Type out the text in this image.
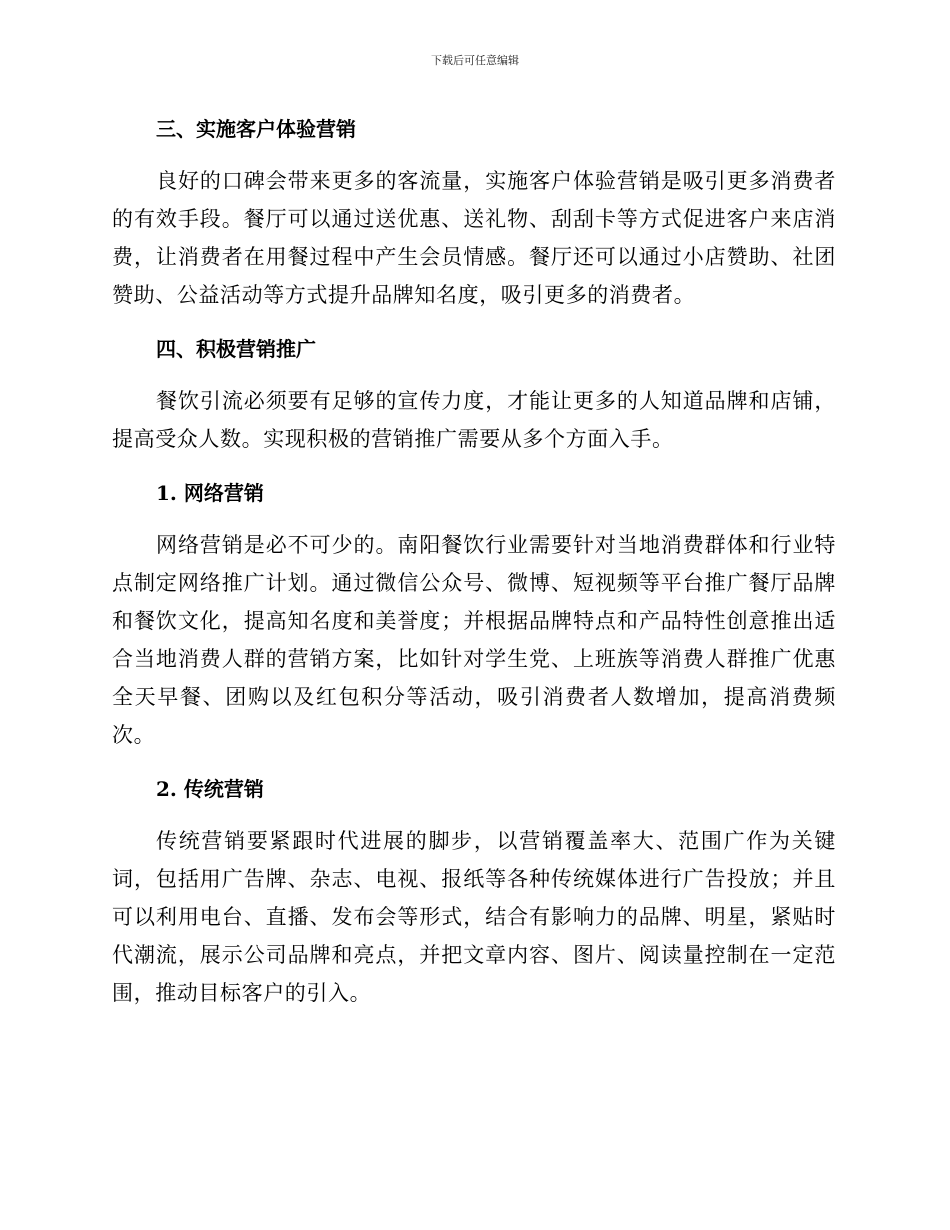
下载后可任意编辑
三、实施客户体验营销

良好的口碑会带来更多的客流量，实施客户体验营销是吸引更多消费者的有效手段。餐厅可以通过送优惠、送礼物、刮刮卡等方式促进客户来店消费，让消费者在用餐过程中产生会员情感。餐厅还可以通过小店赞助、社团赞助、公益活动等方式提升品牌知名度，吸引更多的消费者。

四、积极营销推广

餐饮引流必须要有足够的宣传力度，才能让更多的人知道品牌和店铺，提高受众人数。实现积极的营销推广需要从多个方面入手。

1. 网络营销

网络营销是必不可少的。南阳餐饮行业需要针对当地消费群体和行业特点制定网络推广计划。通过微信公众号、微博、短视频等平台推广餐厅品牌和餐饮文化，提高知名度和美誉度；并根据品牌特点和产品特性创意推出适合当地消费人群的营销方案，比如针对学生党、上班族等消费人群推广优惠全天早餐、团购以及红包积分等活动，吸引消费者人数增加，提高消费频次。

2. 传统营销

传统营销要紧跟时代进展的脚步，以营销覆盖率大、范围广作为关键词，包括用广告牌、杂志、电视、报纸等各种传统媒体进行广告投放；并且可以利用电台、直播、发布会等形式，结合有影响力的品牌、明星，紧贴时代潮流，展示公司品牌和亮点，并把文章内容、图片、阅读量控制在一定范围，推动目标客户的引入。
